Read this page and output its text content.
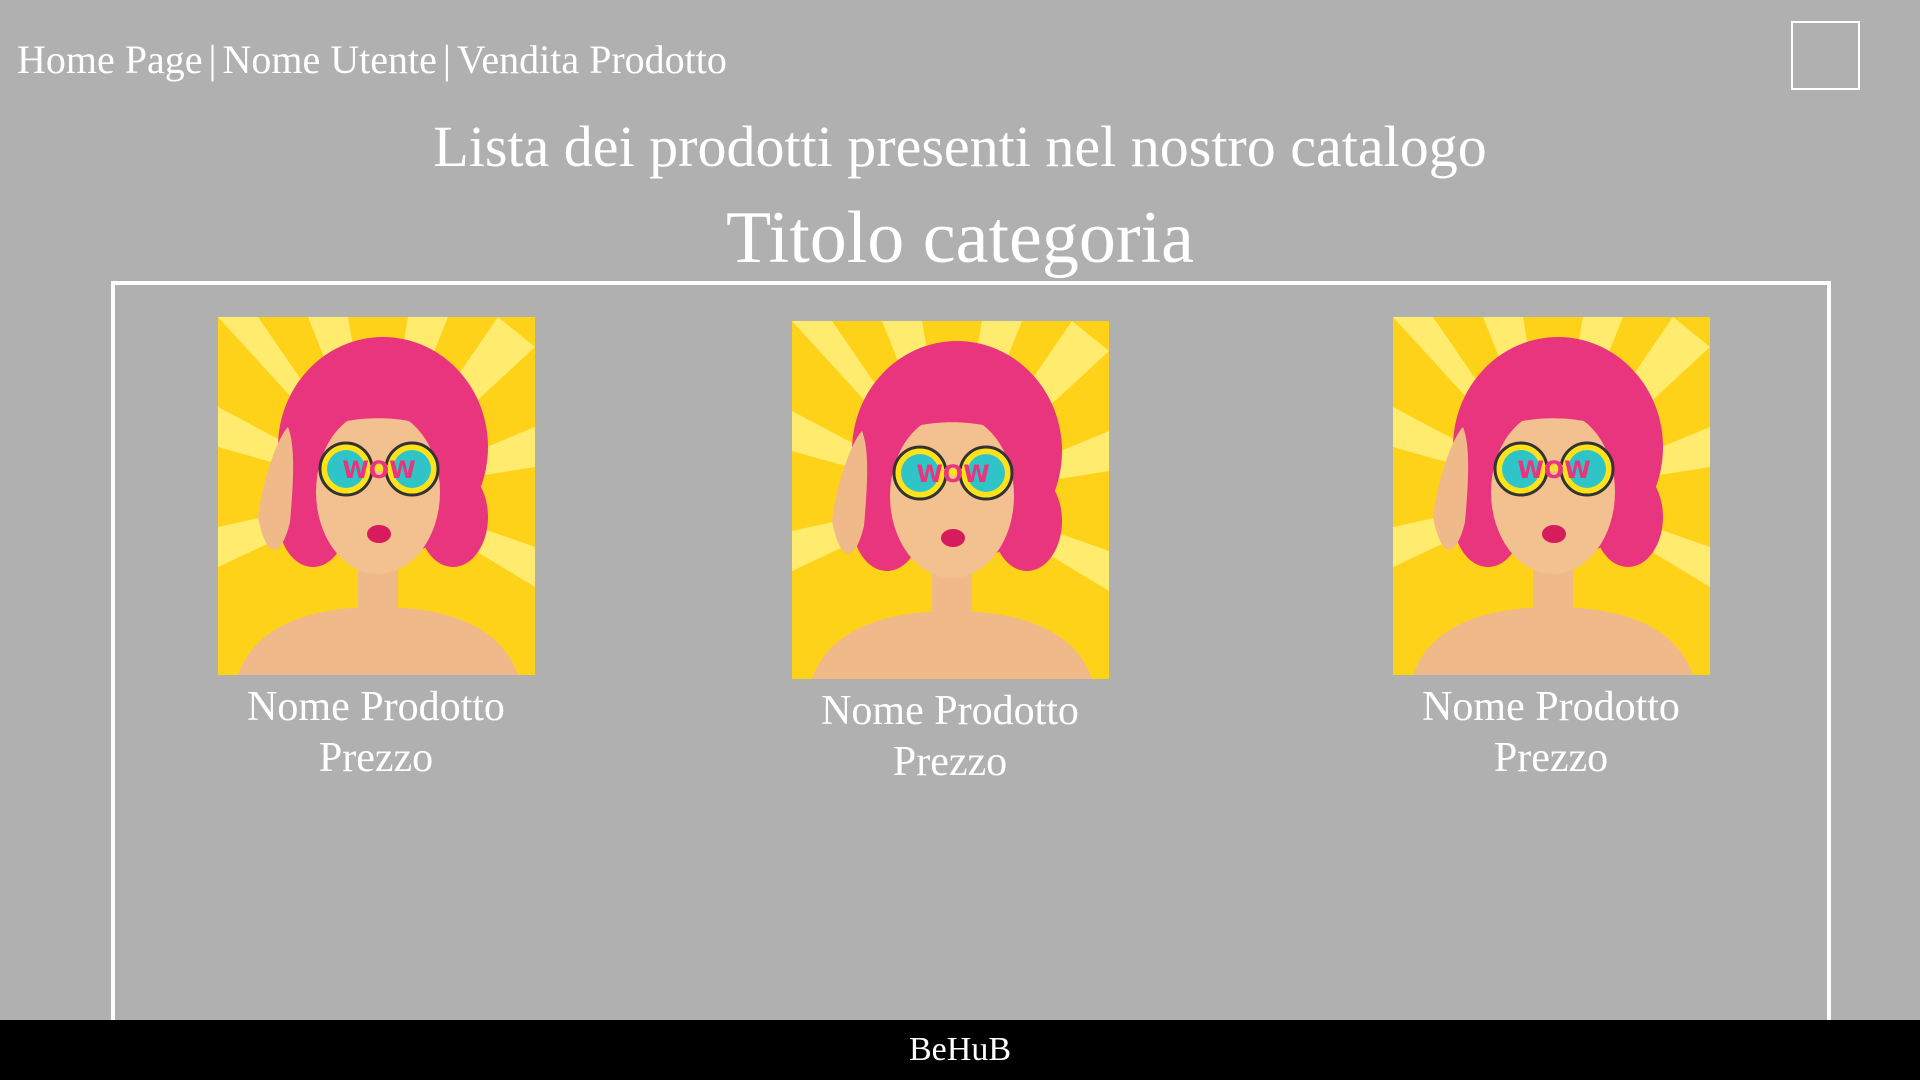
Home Page | Nome Utente | Vendita Prodotto
Lista dei prodotti presenti nel nostro catalogo
Titolo categoria
WOW
Nome Prodotto
Prezzo
WOW
Nome Prodotto
Prezzo
WOW
Nome Prodotto
Prezzo
BeHuB
